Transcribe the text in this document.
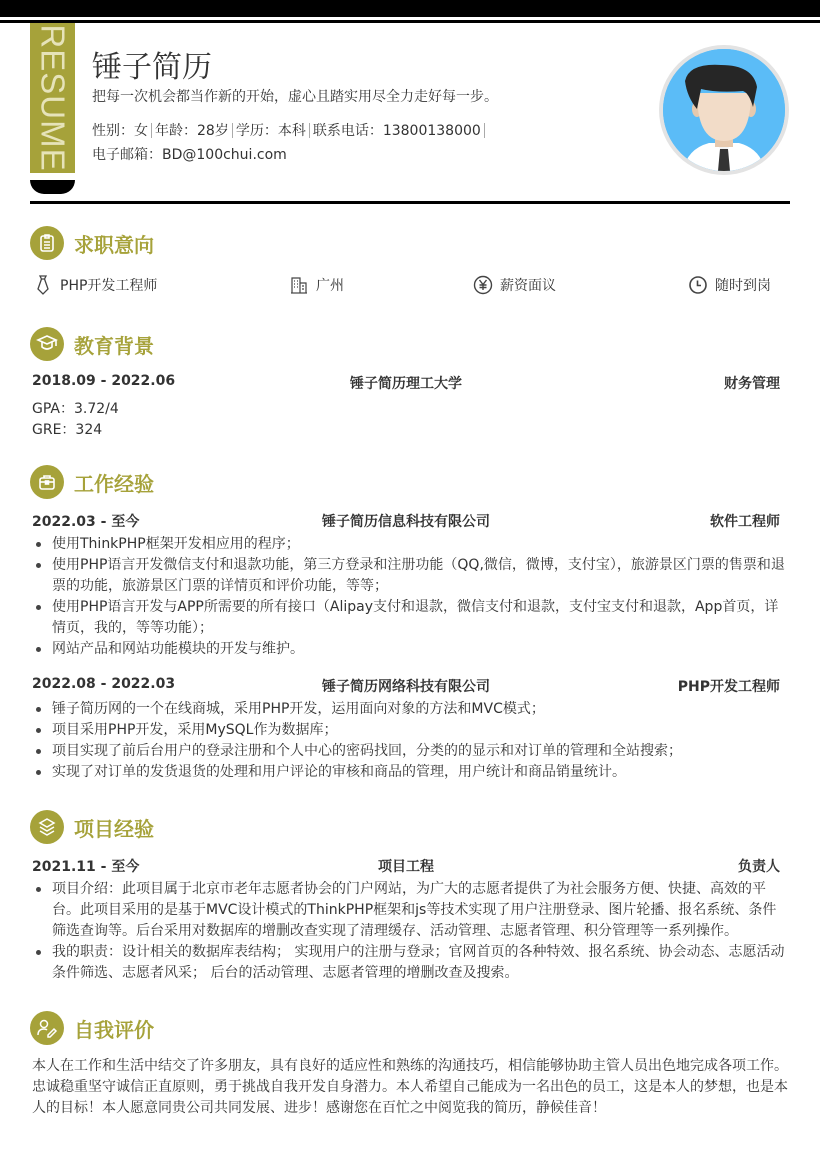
RESUME 锤子简历
把每一次机会都当作新的开始，虚心且踏实用尽全力走好每一步。
性别：女 年龄：28岁 学历：本科 联系电话：13800138000
电子邮箱：BD@100chui.com
求职意向
PHP开发工程师	广州	薪资面议	随时到岗
教育背景
2018.09 - 2022.06	锤子简历理工大学	财务管理
GPA：3.72/4
GRE：324
工作经验
2022.03 - 至今	锤子简历信息科技有限公司	软件工程师
使用ThinkPHP框架开发相应用的程序；
使用PHP语言开发微信支付和退款功能，第三方登录和注册功能（QQ,微信，微博，支付宝），旅游景区门票的售票和退票的功能，旅游景区门票的详情页和评价功能，等等；
使用PHP语言开发与APP所需要的所有接口（Alipay支付和退款，微信支付和退款，支付宝支付和退款，App首页，详情页，我的，等等功能）；
网站产品和网站功能模块的开发与维护。
2022.08 - 2022.03	锤子简历网络科技有限公司	PHP开发工程师
锤子简历网的一个在线商城，采用PHP开发，运用面向对象的方法和MVC模式；
项目采用PHP开发，采用MySQL作为数据库；
项目实现了前后台用户的登录注册和个人中心的密码找回，分类的的显示和对订单的管理和全站搜索；
实现了对订单的发货退货的处理和用户评论的审核和商品的管理，用户统计和商品销量统计。
项目经验
2021.11 - 至今	项目工程	负责人
项目介绍：此项目属于北京市老年志愿者协会的门户网站，为广大的志愿者提供了为社会服务方便、快捷、高效的平台。此项目采用的是基于MVC设计模式的ThinkPHP框架和js等技术实现了用户注册登录、图片轮播、报名系统、条件筛选查询等。后台采用对数据库的增删改查实现了清理缓存、活动管理、志愿者管理、积分管理等一系列操作。
我的职责：设计相关的数据库表结构； 实现用户的注册与登录；官网首页的各种特效、报名系统、协会动态、志愿活动条件筛选、志愿者风采； 后台的活动管理、志愿者管理的增删改查及搜索。
自我评价
本人在工作和生活中结交了许多朋友，具有良好的适应性和熟练的沟通技巧，相信能够协助主管人员出色地完成各项工作。忠诚稳重坚守诚信正直原则，勇于挑战自我开发自身潜力。本人希望自己能成为一名出色的员工，这是本人的梦想，也是本人的目标！本人愿意同贵公司共同发展、进步！感谢您在百忙之中阅览我的简历，静候佳音！
